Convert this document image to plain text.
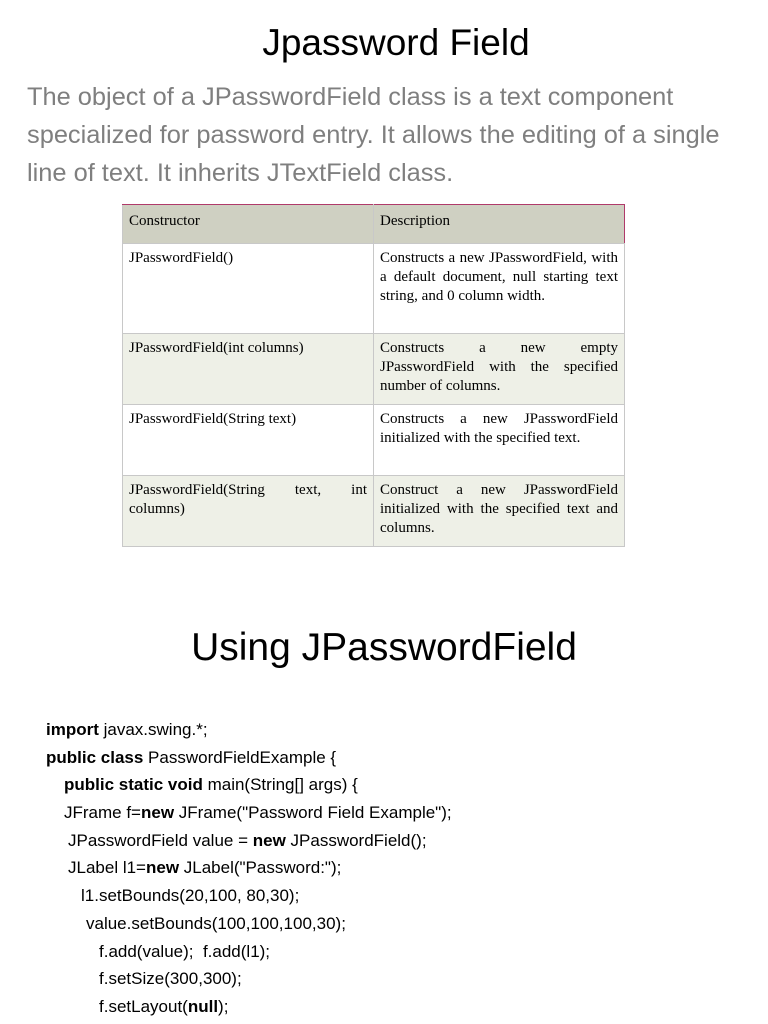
Jpassword Field
The object of a JPasswordField class is a text component specialized for password entry. It allows the editing of a single line of text. It inherits JTextField class.
Constructor	Description
JPasswordField()	Constructs a new JPasswordField, with a default document, null starting text string, and 0 column width.
JPasswordField(int columns)	Constructs a new empty JPasswordField with the specified number of columns.
JPasswordField(String text)	Constructs a new JPasswordField initialized with the specified text.
JPasswordField(String text, int columns)	Construct a new JPasswordField initialized with the specified text and columns.
Using JPasswordField
import javax.swing.*;
public class PasswordFieldExample {
public static void main(String[] args) {
JFrame f=new JFrame("Password Field Example");
JPasswordField value = new JPasswordField();
JLabel l1=new JLabel("Password:");
l1.setBounds(20,100, 80,30);
value.setBounds(100,100,100,30);
f.add(value);  f.add(l1);
f.setSize(300,300);
f.setLayout(null);
